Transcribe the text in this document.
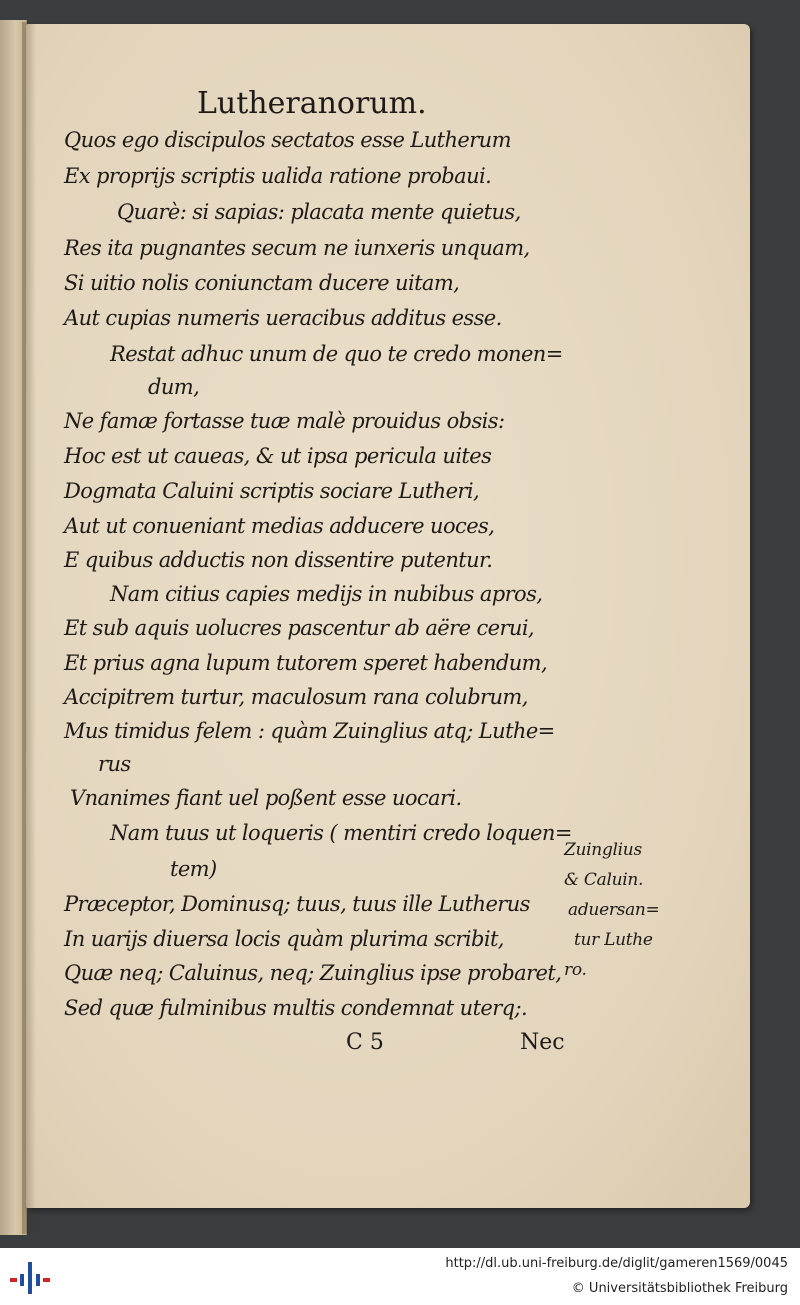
Lutheranorum.
Quos ego discipulos sectatos esse Lutherum
Ex proprijs scriptis ualida ratione probaui.
Quarè: si sapias: placata mente quietus,
Res ita pugnantes secum ne iunxeris unquam,
Si uitio nolis coniunctam ducere uitam,
Aut cupias numeris ueracibus additus esse.
Restat adhuc unum de quo te credo monen=
dum,
Ne famæ fortasse tuæ malè prouidus obsis:
Hoc est ut caueas, & ut ipsa pericula uites
Dogmata Caluini scriptis sociare Lutheri,
Aut ut conueniant medias adducere uoces,
E quibus adductis non dissentire putentur.
Nam citius capies medijs in nubibus apros,
Et sub aquis uolucres pascentur ab aëre cerui,
Et prius agna lupum tutorem speret habendum,
Accipitrem turtur, maculosum rana colubrum,
Mus timidus felem : quàm Zuinglius atq; Luthe=
rus
Vnanimes fiant uel poßent esse uocari.
Nam tuus ut loqueris ( mentiri credo loquen=
tem)
Præceptor, Dominusq; tuus, tuus ille Lutherus
In uarijs diuersa locis quàm plurima scribit,
Quæ neq; Caluinus, neq; Zuinglius ipse probaret,
Sed quæ fulminibus multis condemnat uterq;.
Zuinglius
& Caluin.
aduersan=
tur Luthe
ro.
C 5	Nec
http://dl.ub.uni-freiburg.de/diglit/gameren1569/0045
© Universitätsbibliothek Freiburg
